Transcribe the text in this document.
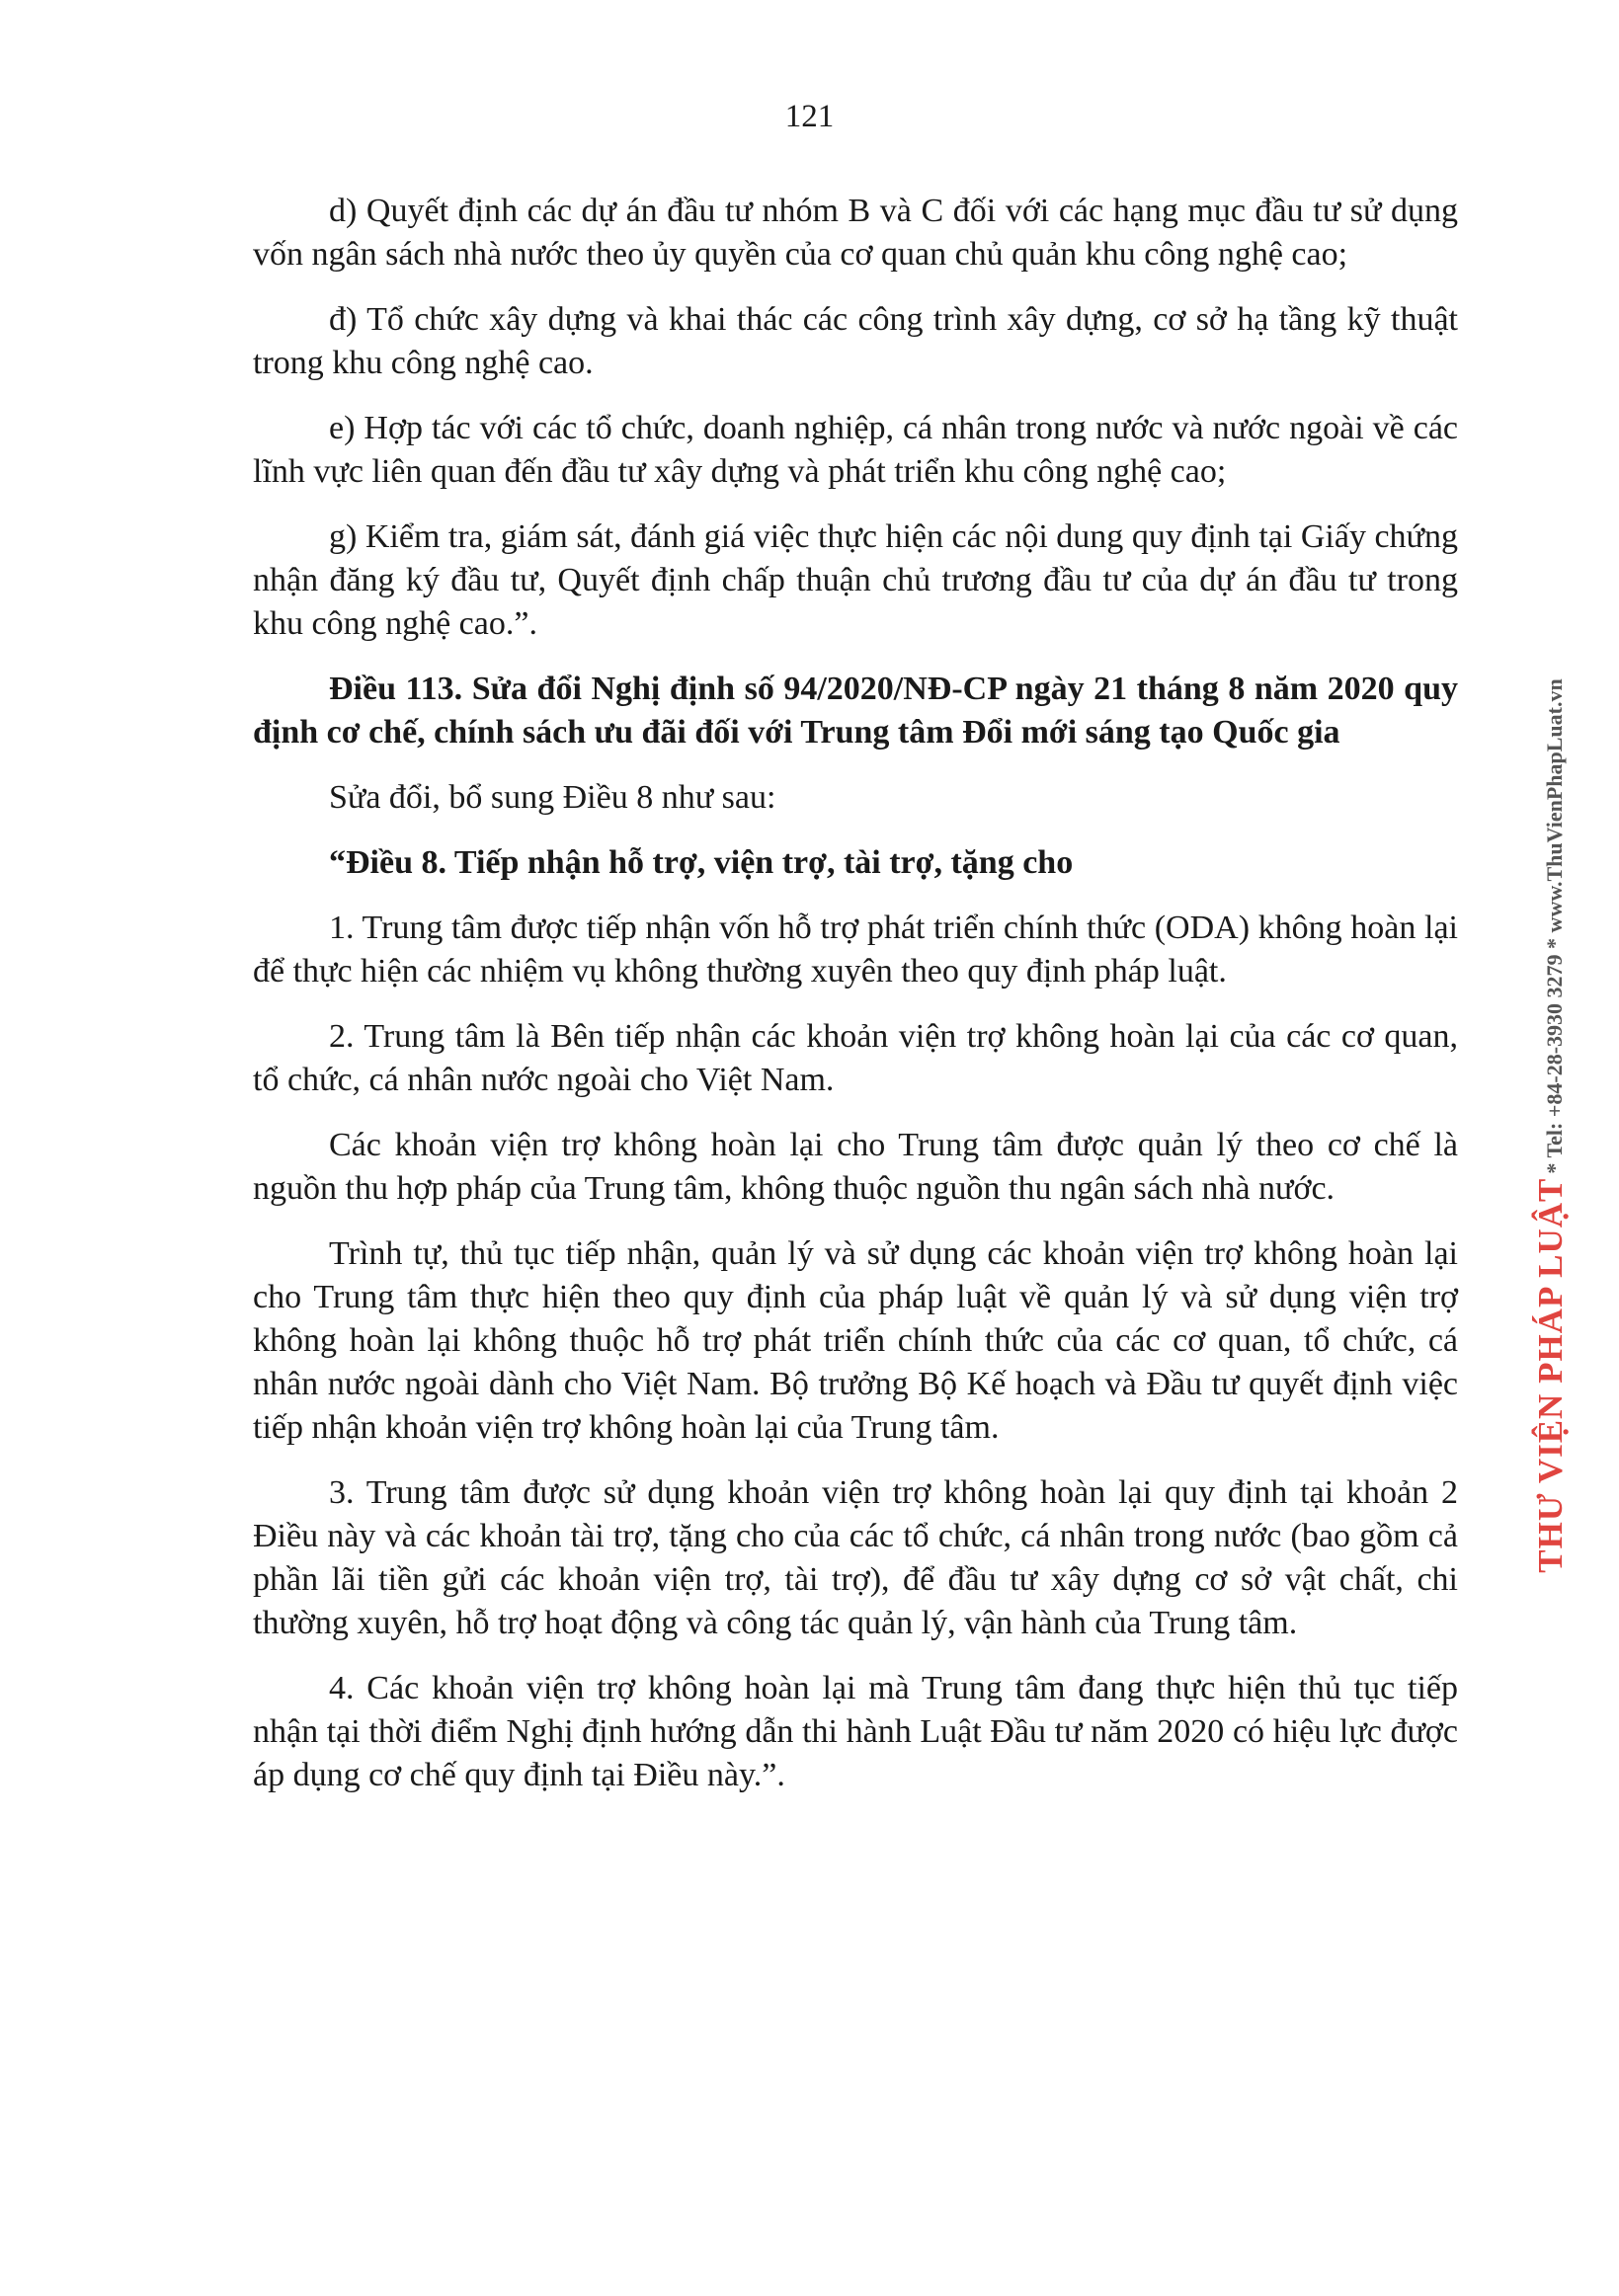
121

d) Quyết định các dự án đầu tư nhóm B và C đối với các hạng mục đầu tư sử dụng vốn ngân sách nhà nước theo ủy quyền của cơ quan chủ quản khu công nghệ cao;

đ) Tổ chức xây dựng và khai thác các công trình xây dựng, cơ sở hạ tầng kỹ thuật trong khu công nghệ cao.

e) Hợp tác với các tổ chức, doanh nghiệp, cá nhân trong nước và nước ngoài về các lĩnh vực liên quan đến đầu tư xây dựng và phát triển khu công nghệ cao;

g) Kiểm tra, giám sát, đánh giá việc thực hiện các nội dung quy định tại Giấy chứng nhận đăng ký đầu tư, Quyết định chấp thuận chủ trương đầu tư của dự án đầu tư trong khu công nghệ cao.”.

Điều 113. Sửa đổi Nghị định số 94/2020/NĐ-CP ngày 21 tháng 8 năm 2020 quy định cơ chế, chính sách ưu đãi đối với Trung tâm Đổi mới sáng tạo Quốc gia

Sửa đổi, bổ sung Điều 8 như sau:

“Điều 8. Tiếp nhận hỗ trợ, viện trợ, tài trợ, tặng cho

1. Trung tâm được tiếp nhận vốn hỗ trợ phát triển chính thức (ODA) không hoàn lại để thực hiện các nhiệm vụ không thường xuyên theo quy định pháp luật.

2. Trung tâm là Bên tiếp nhận các khoản viện trợ không hoàn lại của các cơ quan, tổ chức, cá nhân nước ngoài cho Việt Nam.

Các khoản viện trợ không hoàn lại cho Trung tâm được quản lý theo cơ chế là nguồn thu hợp pháp của Trung tâm, không thuộc nguồn thu ngân sách nhà nước.

Trình tự, thủ tục tiếp nhận, quản lý và sử dụng các khoản viện trợ không hoàn lại cho Trung tâm thực hiện theo quy định của pháp luật về quản lý và sử dụng viện trợ không hoàn lại không thuộc hỗ trợ phát triển chính thức của các cơ quan, tổ chức, cá nhân nước ngoài dành cho Việt Nam. Bộ trưởng Bộ Kế hoạch và Đầu tư quyết định việc tiếp nhận khoản viện trợ không hoàn lại của Trung tâm.

3. Trung tâm được sử dụng khoản viện trợ không hoàn lại quy định tại khoản 2 Điều này và các khoản tài trợ, tặng cho của các tổ chức, cá nhân trong nước (bao gồm cả phần lãi tiền gửi các khoản viện trợ, tài trợ), để đầu tư xây dựng cơ sở vật chất, chi thường xuyên, hỗ trợ hoạt động và công tác quản lý, vận hành của Trung tâm.

4. Các khoản viện trợ không hoàn lại mà Trung tâm đang thực hiện thủ tục tiếp nhận tại thời điểm Nghị định hướng dẫn thi hành Luật Đầu tư năm 2020 có hiệu lực được áp dụng cơ chế quy định tại Điều này.”.

THƯ VIỆN PHÁP LUẬT * Tel: +84-28-3930 3279 * www.ThuVienPhapLuat.vn
